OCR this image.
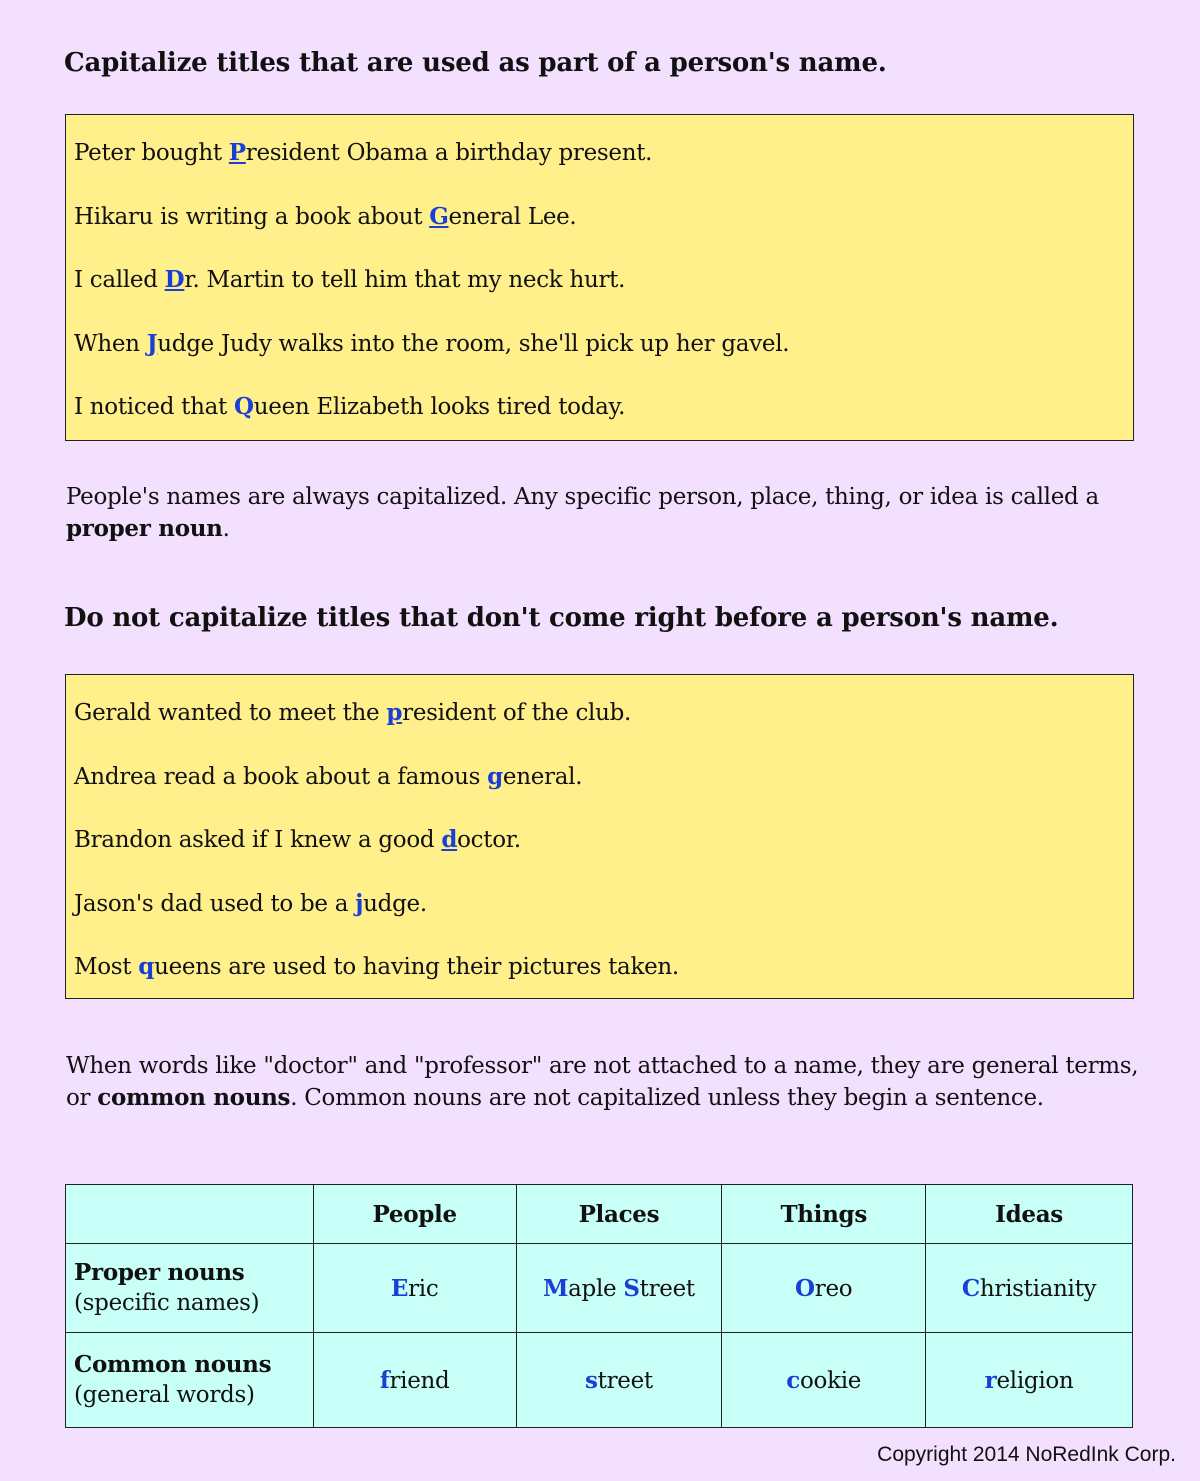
Capitalize titles that are used as part of a person's name.
Peter bought President Obama a birthday present.
Hikaru is writing a book about General Lee.
I called Dr. Martin to tell him that my neck hurt.
When Judge Judy walks into the room, she'll pick up her gavel.
I noticed that Queen Elizabeth looks tired today.

People's names are always capitalized. Any specific person, place, thing, or idea is called a proper noun.

Do not capitalize titles that don't come right before a person's name.
Gerald wanted to meet the president of the club.
Andrea read a book about a famous general.
Brandon asked if I knew a good doctor.
Jason's dad used to be a judge.
Most queens are used to having their pictures taken.

When words like "doctor" and "professor" are not attached to a name, they are general terms, or common nouns. Common nouns are not capitalized unless they begin a sentence.

	People	Places	Things	Ideas

Proper nouns
(specific names)	Eric	Maple Street	Oreo	Christianity

Common nouns
(general words)	friend	street	cookie	religion
Copyright 2014 NoRedInk Corp.
